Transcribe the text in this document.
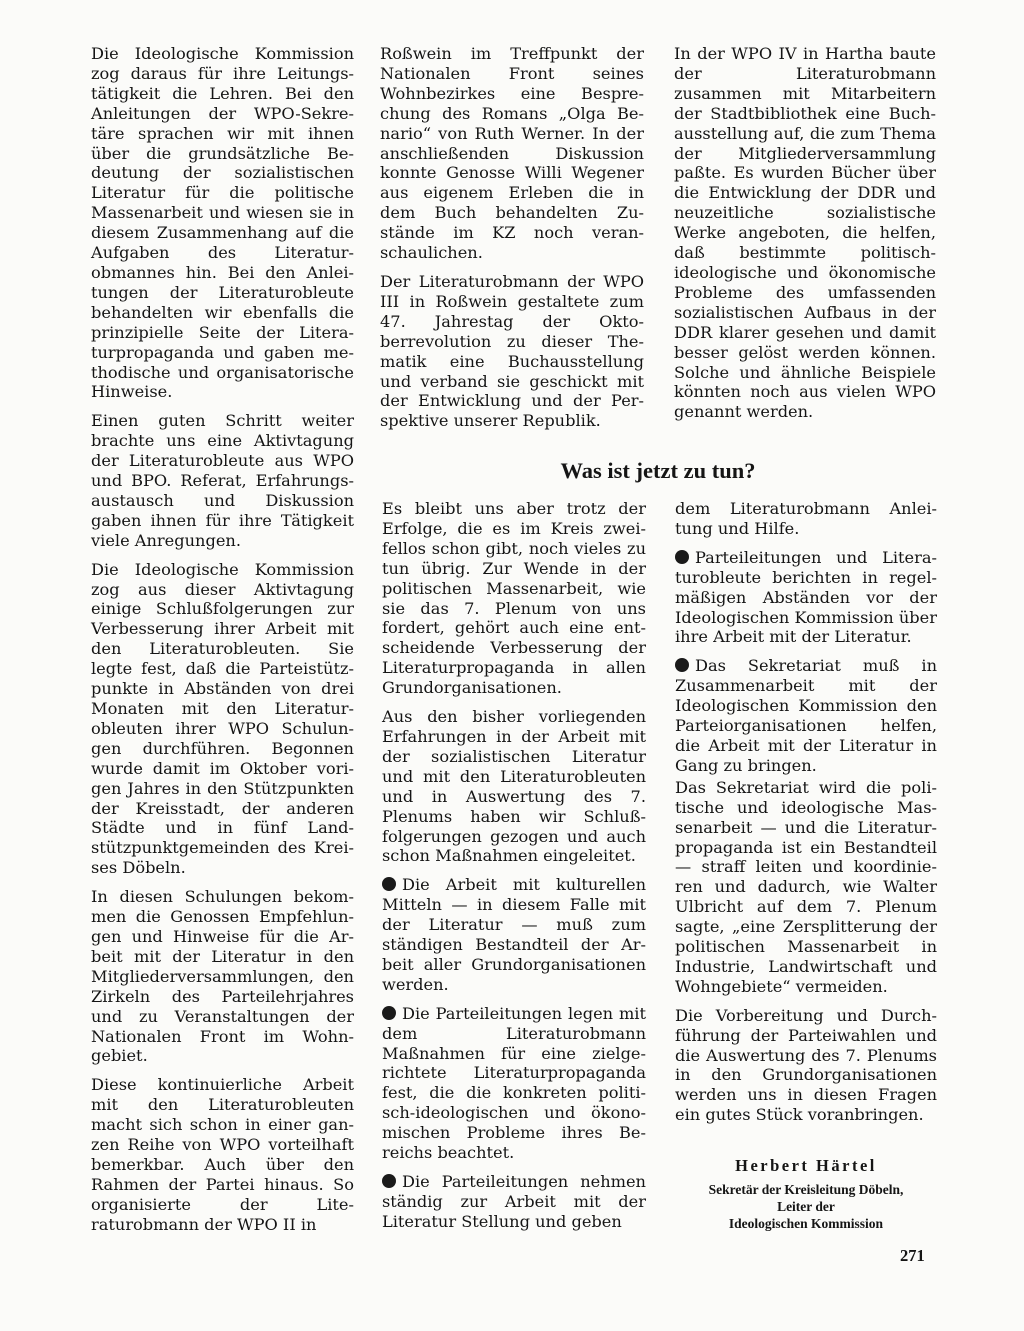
Die Ideologische Kommission zog daraus für ihre Leitungstätigkeit die Lehren. Bei den Anleitungen der WPO-Sekretäre sprachen wir mit ihnen über die grundsätzliche Bedeutung der sozialistischen Literatur für die politische Massenarbeit und wiesen sie in diesem Zusammenhang auf die Aufgaben des Literaturobmannes hin. Bei den Anleitungen der Literaturobleute behandelten wir ebenfalls die prinzipielle Seite der Literaturpropaganda und gaben methodische und organisatorische Hinweise.

Einen guten Schritt weiter brachte uns eine Aktivtagung der Literaturobleute aus WPO und BPO. Referat, Erfahrungsaustausch und Diskussion gaben ihnen für ihre Tätigkeit viele Anregungen.

Die Ideologische Kommission zog aus dieser Aktivtagung einige Schlußfolgerungen zur Verbesserung ihrer Arbeit mit den Literaturobleuten. Sie legte fest, daß die Parteistützpunkte in Abständen von drei Monaten mit den Literaturobleuten ihrer WPO Schulungen durchführen. Begonnen wurde damit im Oktober vorigen Jahres in den Stützpunkten der Kreisstadt, der anderen Städte und in fünf Landstützpunktgemeinden des Kreises Döbeln.

In diesen Schulungen bekommen die Genossen Empfehlungen und Hinweise für die Arbeit mit der Literatur in den Mitgliederversammlungen, den Zirkeln des Parteilehrjahres und zu Veranstaltungen der Nationalen Front im Wohngebiet.

Diese kontinuierliche Arbeit mit den Literaturobleuten macht sich schon in einer ganzen Reihe von WPO vorteilhaft bemerkbar. Auch über den Rahmen der Partei hinaus. So organisierte der Literaturobmann der WPO II in

Roßwein im Treffpunkt der Nationalen Front seines Wohnbezirkes eine Besprechung des Romans „Olga Benario“ von Ruth Werner. In der anschließenden Diskussion konnte Genosse Willi Wegener aus eigenem Erleben die in dem Buch behandelten Zustände im KZ noch veranschaulichen.

Der Literaturobmann der WPO III in Roßwein gestaltete zum 47. Jahrestag der Oktoberrevolution zu dieser Thematik eine Buchausstellung und verband sie geschickt mit der Entwicklung und der Perspektive unserer Republik.

In der WPO IV in Hartha baute der Literaturobmann zusammen mit Mitarbeitern der Stadtbibliothek eine Buchausstellung auf, die zum Thema der Mitgliederversammlung paßte. Es wurden Bücher über die Entwicklung der DDR und neuzeitliche sozialistische Werke angeboten, die helfen, daß bestimmte politisch-ideologische und ökonomische Probleme des umfassenden sozialistischen Aufbaus in der DDR klarer gesehen und damit besser gelöst werden können. Solche und ähnliche Beispiele könnten noch aus vielen WPO genannt werden.

Was ist jetzt zu tun?

Es bleibt uns aber trotz der Erfolge, die es im Kreis zweifellos schon gibt, noch vieles zu tun übrig. Zur Wende in der politischen Massenarbeit, wie sie das 7. Plenum von uns fordert, gehört auch eine entscheidende Verbesserung der Literaturpropaganda in allen Grundorganisationen.

Aus den bisher vorliegenden Erfahrungen in der Arbeit mit der sozialistischen Literatur und mit den Literaturoblеuten und in Auswertung des 7. Plenums haben wir Schlußfolgerungen gezogen und auch schon Maßnahmen eingeleitet.

Die Arbeit mit kulturellen Mitteln — in diesem Falle mit der Literatur — muß zum ständigen Bestandteil der Arbeit aller Grundorganisationen werden.

Die Parteileitungen legen mit dem Literaturobmann Maßnahmen für eine zielgerichtete Literaturpropaganda fest, die die konkreten politisch-ideologischen und ökonomischen Probleme ihres Bereichs beachtet.

Die Parteileitungen nehmen ständig zur Arbeit mit der Literatur Stellung und geben

dem Literaturobmann Anleitung und Hilfe.

Parteileitungen und Literaturobleute berichten in regelmäßigen Abständen vor der Ideologischen Kommission über ihre Arbeit mit der Literatur.

Das Sekretariat muß in Zusammenarbeit mit der Ideologischen Kommission den Parteiorganisationen helfen, die Arbeit mit der Literatur in Gang zu bringen.

Das Sekretariat wird die politische und ideologische Massenarbeit — und die Literaturpropaganda ist ein Bestandteil — straff leiten und koordinieren und dadurch, wie Walter Ulbricht auf dem 7. Plenum sagte, „eine Zersplitterung der politischen Massenarbeit in Industrie, Landwirtschaft und Wohngebiete“ vermeiden.

Die Vorbereitung und Durchführung der Parteiwahlen und die Auswertung des 7. Plenums in den Grundorganisationen werden uns in diesen Fragen ein gutes Stück voranbringen.

Herbert Härtel
Sekretär der Kreisleitung Döbeln,
Leiter der
Ideologischen Kommission
271
